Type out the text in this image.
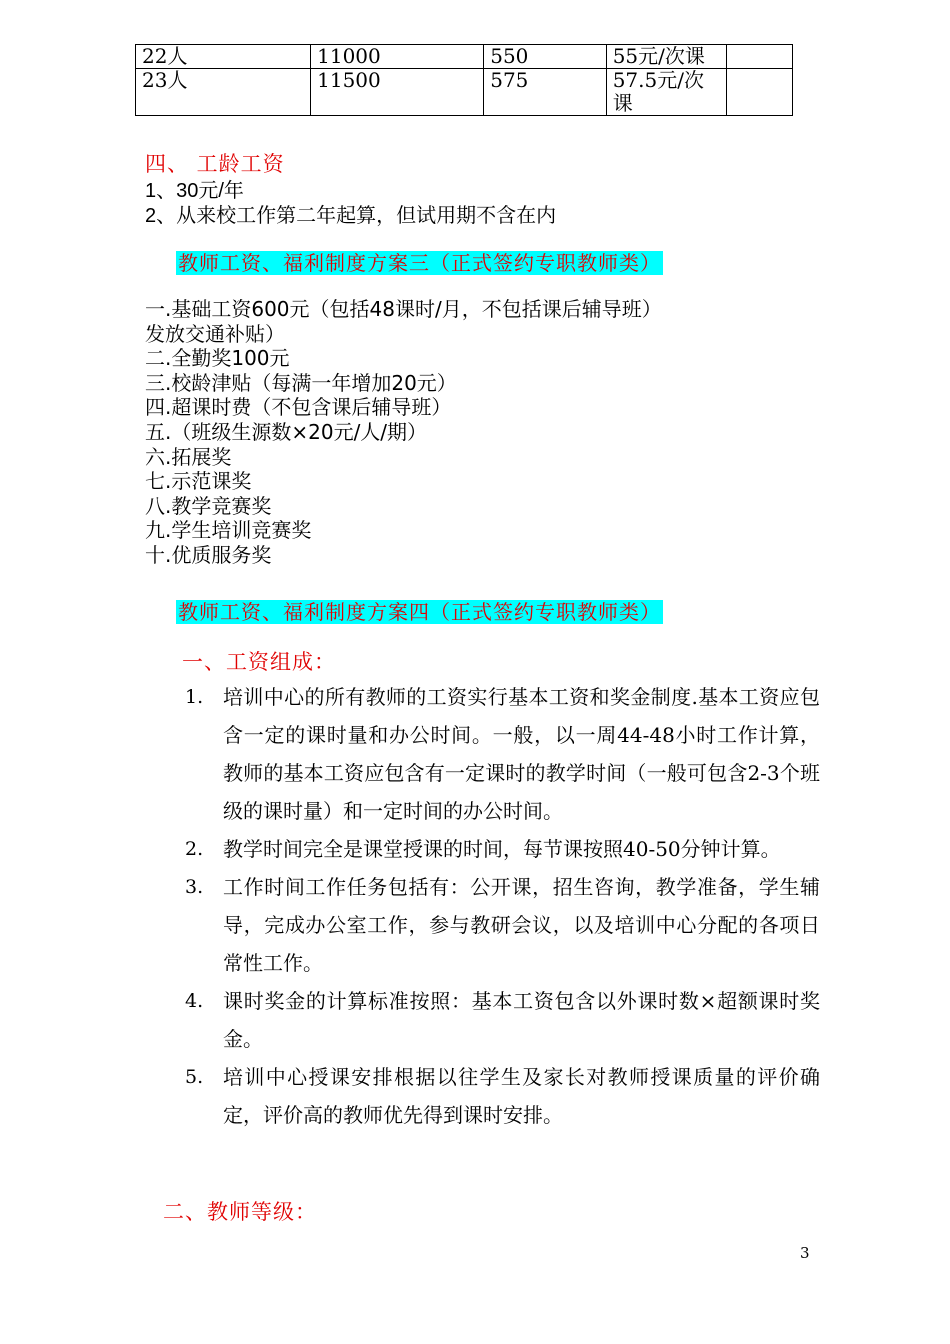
22人	11000	550	55元/次课	
23人	11500	575	57.5元/次课	
四、 工龄工资
1、30元/年
2、从来校工作第二年起算，但试用期不含在内
教师工资、福利制度方案三（正式签约专职教师类）
一.基础工资600元（包括48课时/月，不包括课后辅导班）
发放交通补贴）
二.全勤奖100元
三.校龄津贴（每满一年增加20元）
四.超课时费（不包含课后辅导班）
五.（班级生源数×20元/人/期）
六.拓展奖
七.示范课奖
八.教学竞赛奖
九.学生培训竞赛奖
十.优质服务奖
教师工资、福利制度方案四（正式签约专职教师类）
一、工资组成：
1. 培训中心的所有教师的工资实行基本工资和奖金制度.基本工资应包含一定的课时量和办公时间。一般，以一周44-48小时工作计算，教师的基本工资应包含有一定课时的教学时间（一般可包含2-3个班级的课时量）和一定时间的办公时间。
2. 教学时间完全是课堂授课的时间，每节课按照40-50分钟计算。
3. 工作时间工作任务包括有：公开课，招生咨询，教学准备，学生辅导，完成办公室工作，参与教研会议，以及培训中心分配的各项日常性工作。
4. 课时奖金的计算标准按照：基本工资包含以外课时数×超额课时奖金。
5. 培训中心授课安排根据以往学生及家长对教师授课质量的评价确定，评价高的教师优先得到课时安排。
二、教师等级：
3
